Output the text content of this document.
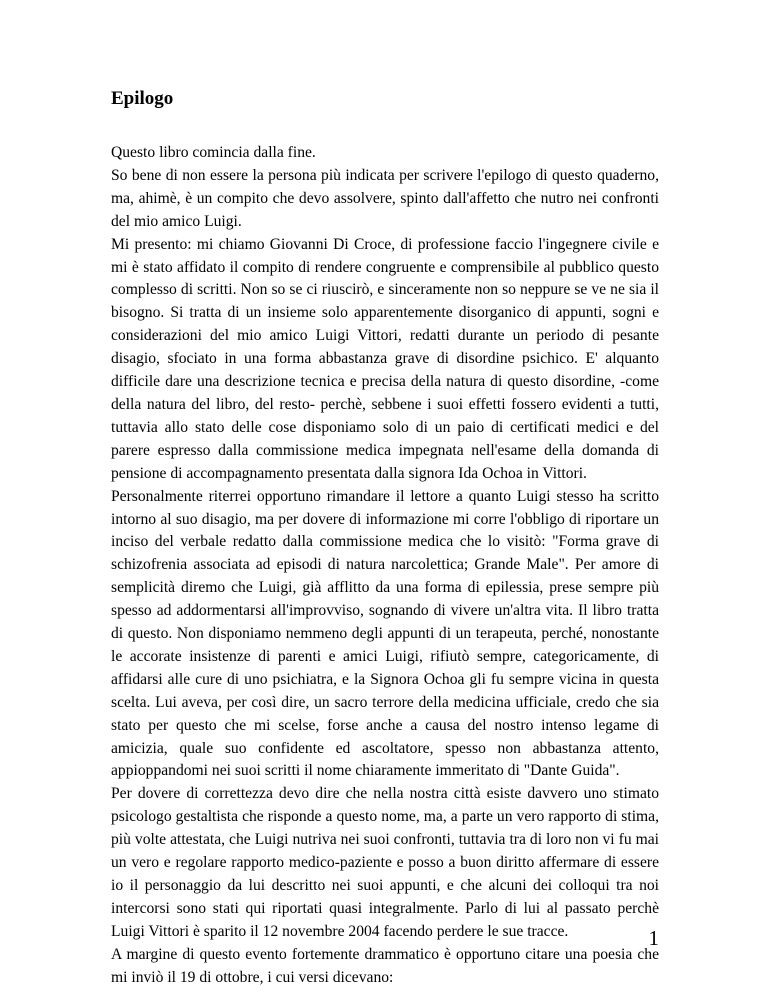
Epilogo

Questo libro comincia dalla fine.

So bene di non essere la persona più indicata per scrivere l'epilogo di questo quaderno, ma, ahimè, è un compito che devo assolvere, spinto dall'affetto che nutro nei confronti del mio amico Luigi.

Mi presento: mi chiamo Giovanni Di Croce, di professione faccio l'ingegnere civile e mi è stato affidato il compito di rendere congruente e comprensibile al pubblico questo complesso di scritti. Non so se ci riuscirò, e sinceramente non so neppure se ve ne sia il bisogno. Si tratta di un insieme solo apparentemente disorganico di appunti, sogni e considerazioni del mio amico Luigi Vittori, redatti durante un periodo di pesante disagio, sfociato in una forma abbastanza grave di disordine psichico. E' alquanto difficile dare una descrizione tecnica e precisa della natura di questo disordine, -come della natura del libro, del resto- perchè, sebbene i suoi effetti fossero evidenti a tutti, tuttavia allo stato delle cose disponiamo solo di un paio di certificati medici e del parere espresso dalla commissione medica impegnata nell'esame della domanda di pensione di accompagnamento presentata dalla signora Ida Ochoa in Vittori.

Personalmente riterrei opportuno rimandare il lettore a quanto Luigi stesso ha scritto intorno al suo disagio, ma per dovere di informazione mi corre l'obbligo di riportare un inciso del verbale redatto dalla commissione medica che lo visitò: "Forma grave di schizofrenia associata ad episodi di natura narcolettica; Grande Male". Per amore di semplicità diremo che Luigi, già afflitto da una forma di epilessia, prese sempre più spesso ad addormentarsi all'improvviso, sognando di vivere un'altra vita. Il libro tratta di questo. Non disponiamo nemmeno degli appunti di un terapeuta, perché, nonostante le accorate insistenze di parenti e amici Luigi, rifiutò sempre, categoricamente, di affidarsi alle cure di uno psichiatra, e la Signora Ochoa gli fu sempre vicina in questa scelta. Lui aveva, per così dire, un sacro terrore della medicina ufficiale, credo che sia stato per questo che mi scelse, forse anche a causa del nostro intenso legame di amicizia, quale suo confidente ed ascoltatore, spesso non abbastanza attento, appioppandomi nei suoi scritti il nome chiaramente immeritato di "Dante Guida".

Per dovere di correttezza devo dire che nella nostra città esiste davvero uno stimato psicologo gestaltista che risponde a questo nome, ma, a parte un vero rapporto di stima, più volte attestata, che Luigi nutriva nei suoi confronti, tuttavia tra di loro non vi fu mai un vero e regolare rapporto medico-paziente e posso a buon diritto affermare di essere io il personaggio da lui descritto nei suoi appunti, e che alcuni dei colloqui tra noi intercorsi sono stati qui riportati quasi integralmente. Parlo di lui al passato perchè Luigi Vittori è sparito il 12 novembre 2004 facendo perdere le sue tracce.

A margine di questo evento fortemente drammatico è opportuno citare una poesia che mi inviò il 19 di ottobre, i cui versi dicevano:

1
